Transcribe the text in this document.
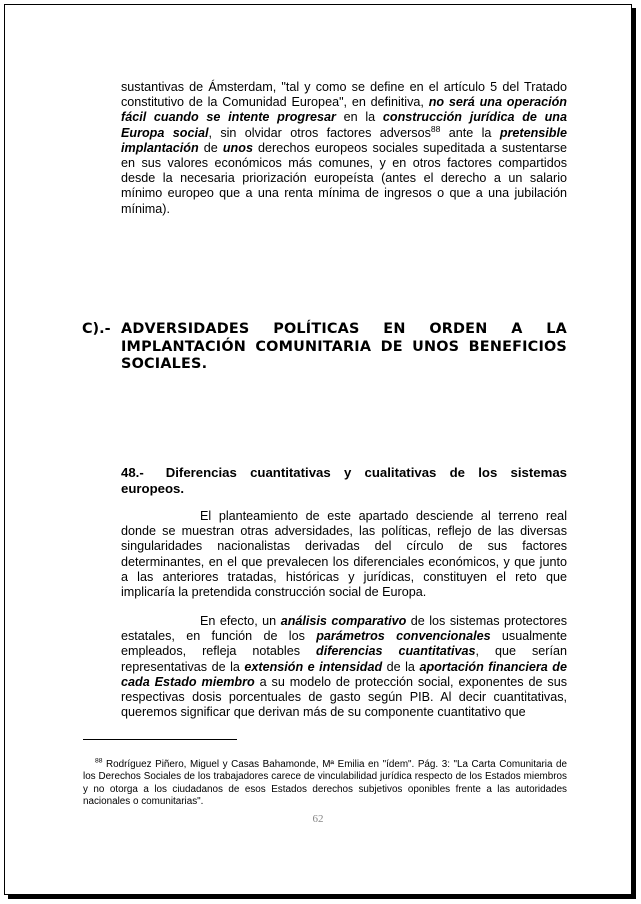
sustantivas de Ámsterdam, "tal y como se define en el artículo 5 del Tratado constitutivo de la Comunidad Europea", en definitiva, no será una operación fácil cuando se intente progresar en la construcción jurídica de una Europa social, sin olvidar otros factores adversos$^{88}$ ante la pretensible implantación de unos derechos europeos sociales supeditada a sustentarse en sus valores económicos más comunes, y en otros factores compartidos desde la necesaria priorización europeísta (antes el derecho a un salario mínimo europeo que a una renta mínima de ingresos o que a una jubilación mínima).

C).- ADVERSIDADES POLÍTICAS EN ORDEN A LA IMPLANTACIÓN COMUNITARIA DE UNOS BENEFICIOS SOCIALES.
48.- Diferencias cuantitativas y cualitativas de los sistemas europeos.

El planteamiento de este apartado desciende al terreno real donde se muestran otras adversidades, las políticas, reflejo de las diversas singularidades nacionalistas derivadas del círculo de sus factores determinantes, en el que prevalecen los diferenciales económicos, y que junto a las anteriores tratadas, históricas y jurídicas, constituyen el reto que implicaría la pretendida construcción social de Europa.

En efecto, un análisis comparativo de los sistemas protectores estatales, en función de los parámetros convencionales usualmente empleados, refleja notables diferencias cuantitativas, que serían representativas de la extensión e intensidad de la aportación financiera de cada Estado miembro a su modelo de protección social, exponentes de sus respectivas dosis porcentuales de gasto según PIB. Al decir cuantitativas, queremos significar que derivan más de su componente cuantitativo que

$^{88}$ Rodríguez Piñero, Miguel y Casas Bahamonde, Mª Emilia en "ídem". Pág. 3: "La Carta Comunitaria de los Derechos Sociales de los trabajadores carece de vinculabilidad jurídica respecto de los Estados miembros y no otorga a los ciudadanos de esos Estados derechos subjetivos oponibles frente a las autoridades nacionales o comunitarias".

62
